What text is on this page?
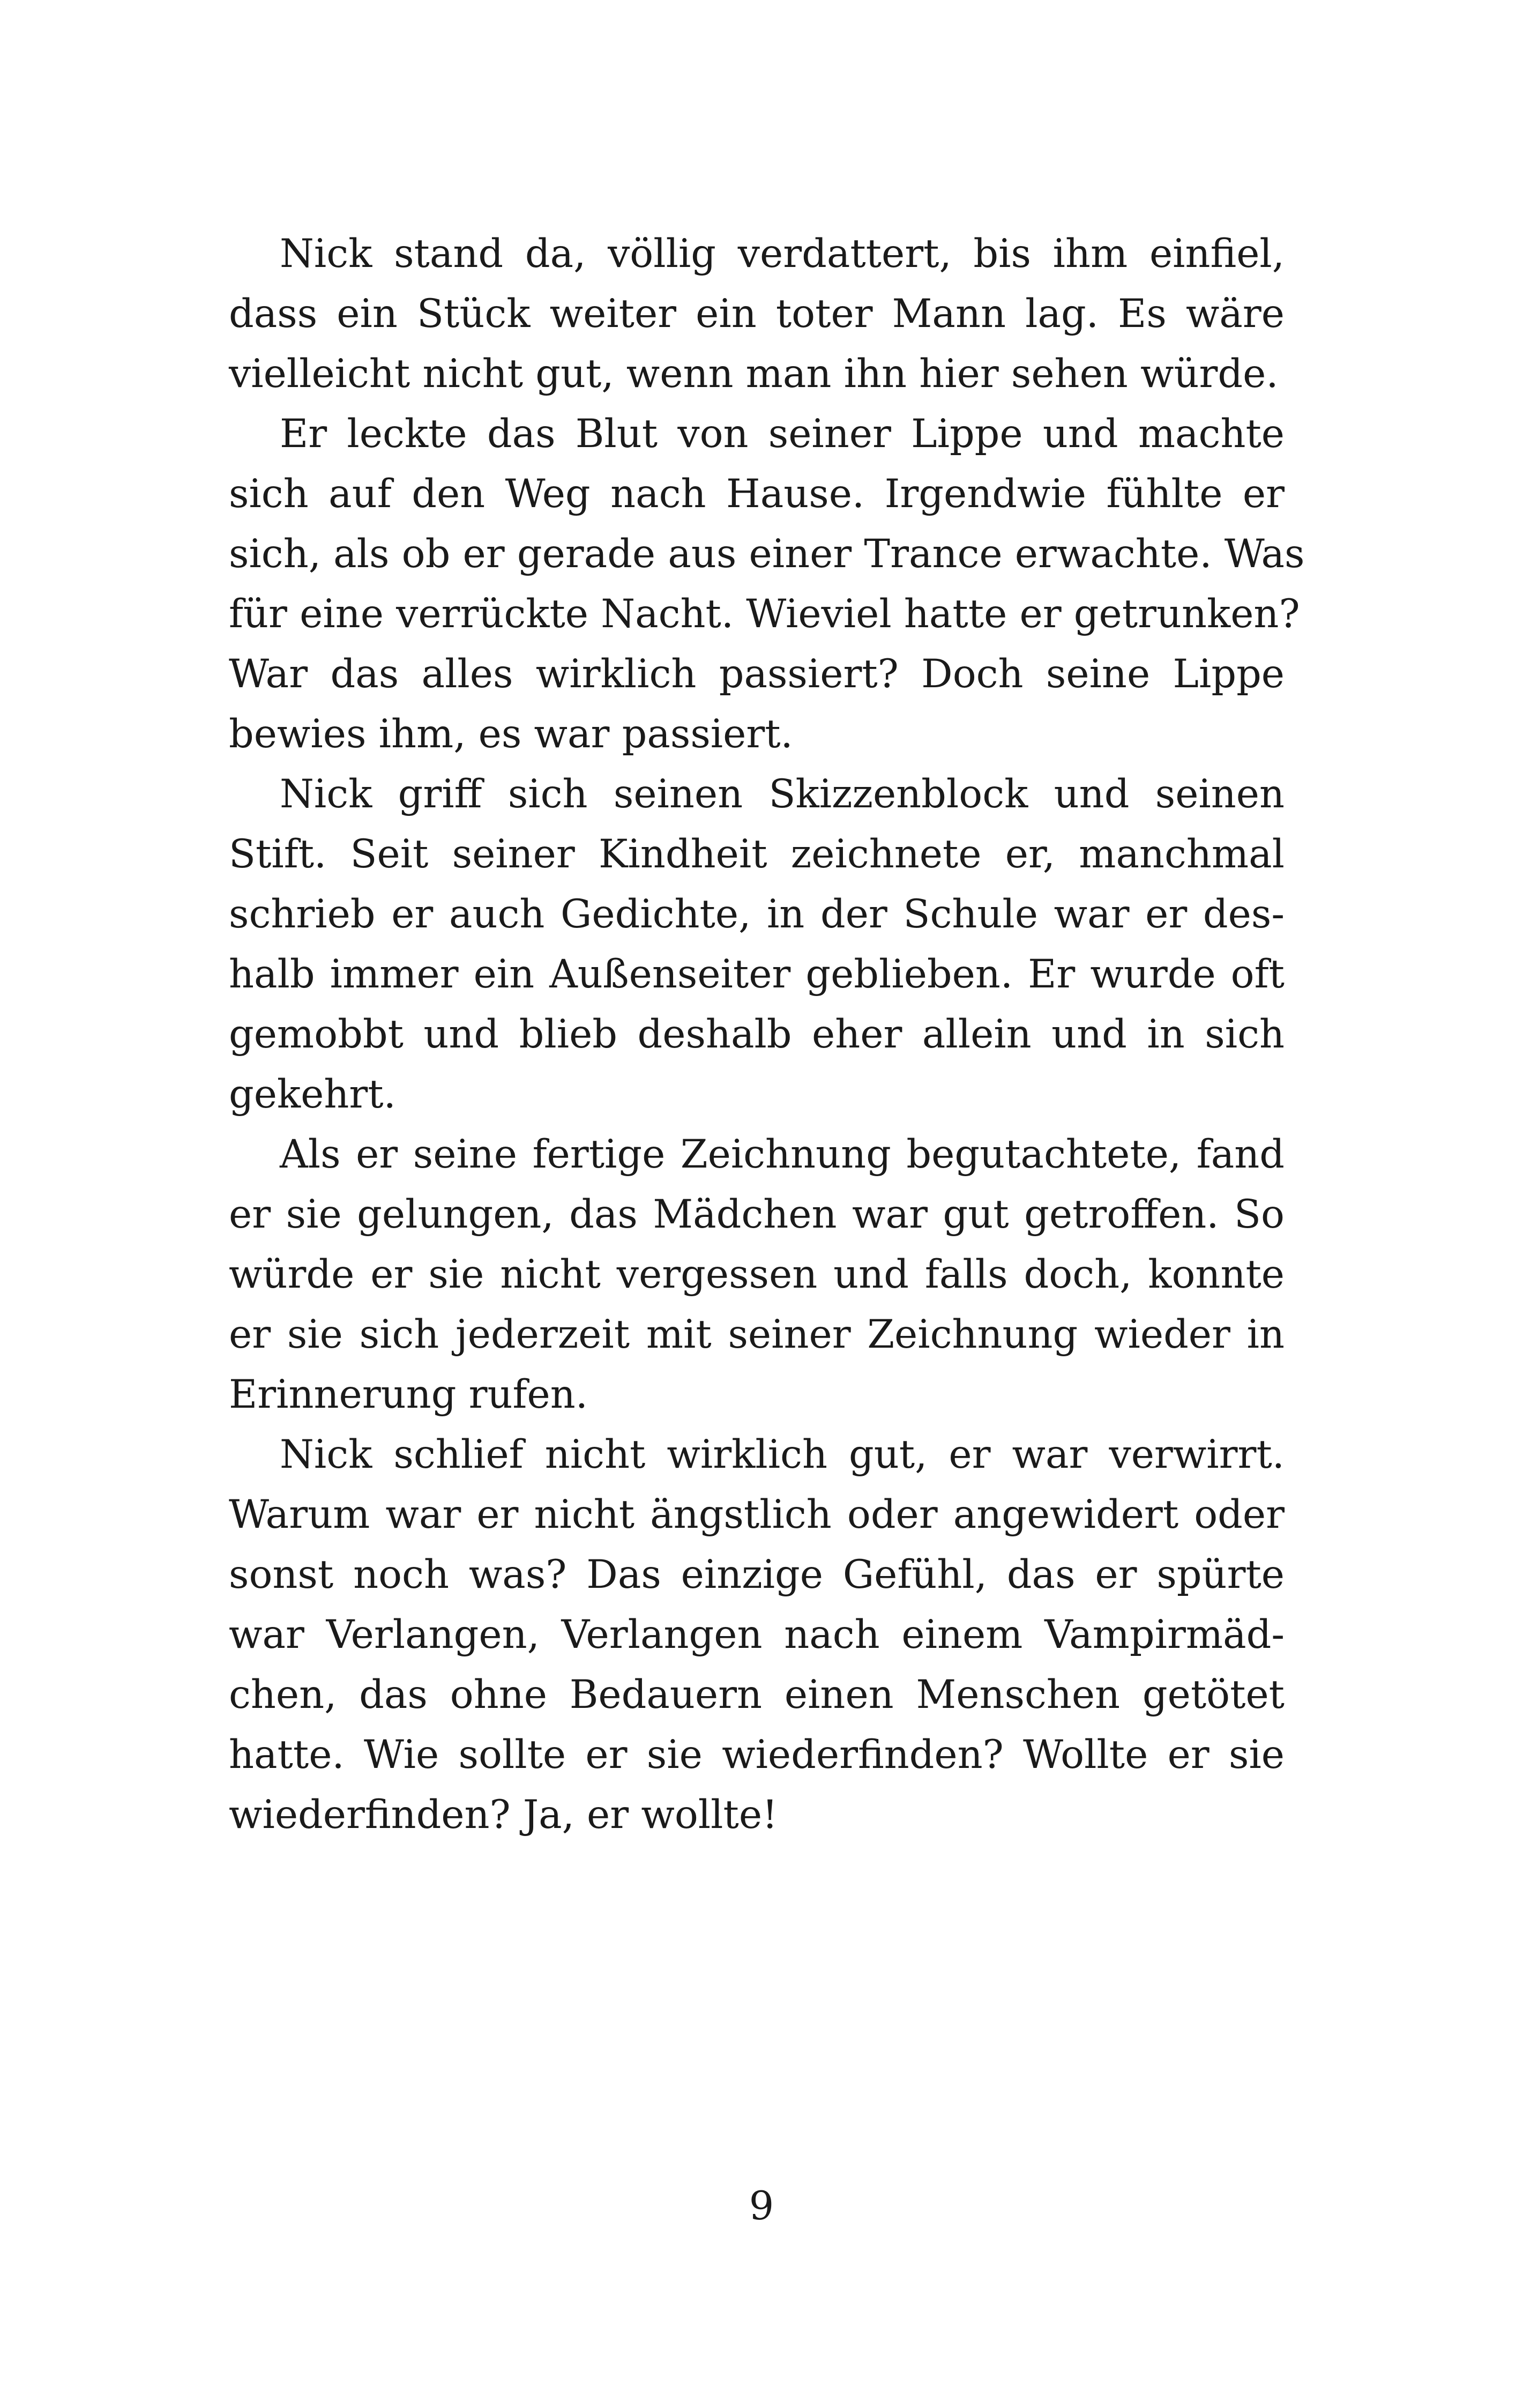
Nick stand da, völlig verdattert, bis ihm einfiel,
dass ein Stück weiter ein toter Mann lag. Es wäre
vielleicht nicht gut, wenn man ihn hier sehen würde.
Er leckte das Blut von seiner Lippe und machte
sich auf den Weg nach Hause. Irgendwie fühlte er
sich, als ob er gerade aus einer Trance erwachte. Was
für eine verrückte Nacht. Wieviel hatte er getrunken?
War das alles wirklich passiert? Doch seine Lippe
bewies ihm, es war passiert.
Nick griff sich seinen Skizzenblock und seinen
Stift. Seit seiner Kindheit zeichnete er, manchmal
schrieb er auch Gedichte, in der Schule war er des-
halb immer ein Außenseiter geblieben. Er wurde oft
gemobbt und blieb deshalb eher allein und in sich
gekehrt.
Als er seine fertige Zeichnung begutachtete, fand
er sie gelungen, das Mädchen war gut getroffen. So
würde er sie nicht vergessen und falls doch, konnte
er sie sich jederzeit mit seiner Zeichnung wieder in
Erinnerung rufen.
Nick schlief nicht wirklich gut, er war verwirrt.
Warum war er nicht ängstlich oder angewidert oder
sonst noch was? Das einzige Gefühl, das er spürte
war Verlangen, Verlangen nach einem Vampirmäd-
chen, das ohne Bedauern einen Menschen getötet
hatte. Wie sollte er sie wiederfinden? Wollte er sie
wiederfinden? Ja, er wollte!
9
